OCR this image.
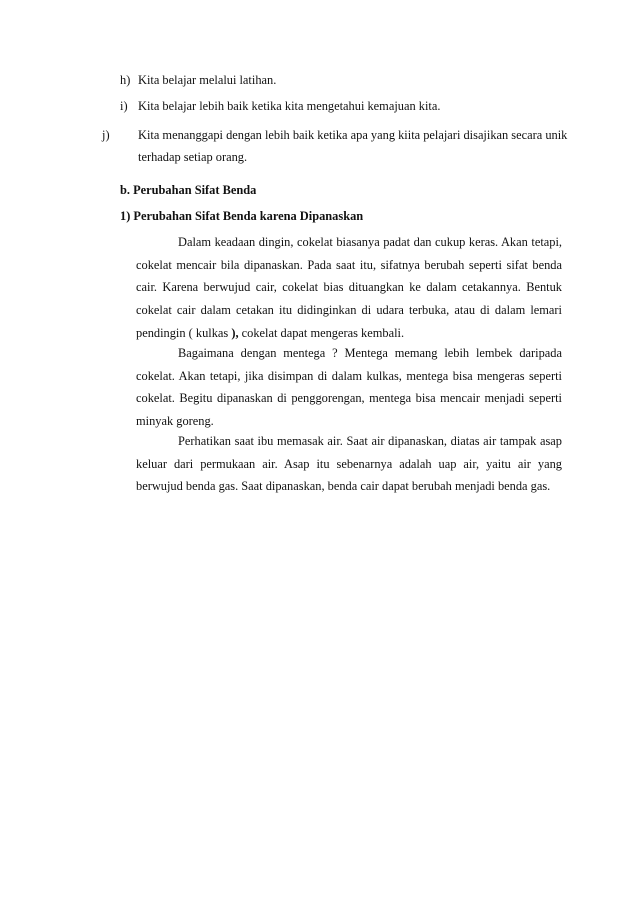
h) Kita belajar melalui latihan.

i) Kita belajar lebih baik ketika kita mengetahui kemajuan kita.

j) Kita menanggapi dengan lebih baik ketika apa yang kiita pelajari disajikan secara unik terhadap setiap orang.

b. Perubahan Sifat Benda
1) Perubahan Sifat Benda karena Dipanaskan

Dalam keadaan dingin, cokelat biasanya padat dan cukup keras. Akan tetapi, cokelat mencair bila dipanaskan. Pada saat itu, sifatnya berubah seperti sifat benda cair. Karena berwujud cair, cokelat bias dituangkan ke dalam cetakannya. Bentuk cokelat cair dalam cetakan itu didinginkan di udara terbuka, atau di dalam lemari pendingin ( kulkas ), cokelat dapat mengeras kembali.

Bagaimana dengan mentega ? Mentega memang lebih lembek daripada cokelat. Akan tetapi, jika disimpan di dalam kulkas, mentega bisa mengeras seperti cokelat. Begitu dipanaskan di penggorengan, mentega bisa mencair menjadi seperti minyak goreng.

Perhatikan saat ibu memasak air. Saat air dipanaskan, diatas air tampak asap keluar dari permukaan air. Asap itu sebenarnya adalah uap air, yaitu air yang berwujud benda gas. Saat dipanaskan, benda cair dapat berubah menjadi benda gas.
